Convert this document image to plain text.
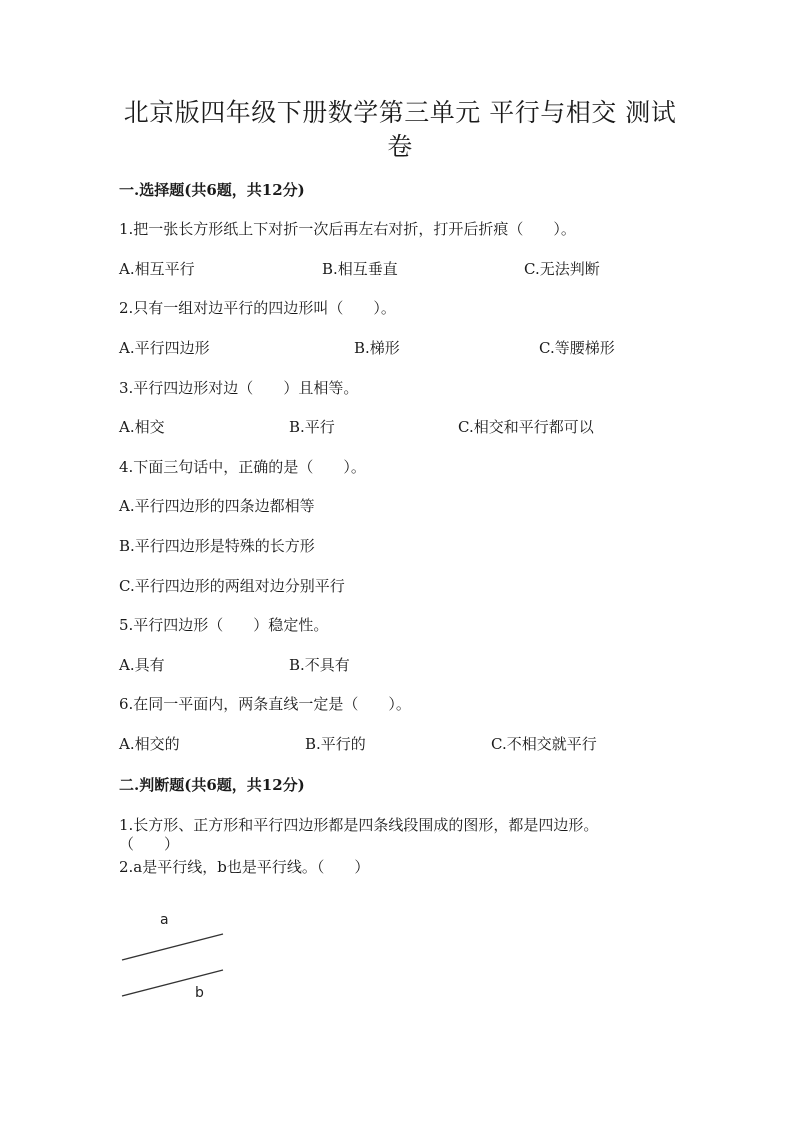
北京版四年级下册数学第三单元 平行与相交 测试
卷
一.选择题(共6题，共12分)
1.把一张长方形纸上下对折一次后再左右对折，打开后折痕（　　）。
A.相互平行	B.相互垂直	C.无法判断
2.只有一组对边平行的四边形叫（　　）。
A.平行四边形	B.梯形	C.等腰梯形
3.平行四边形对边（　　）且相等。
A.相交	B.平行	C.相交和平行都可以
4.下面三句话中，正确的是（　　）。
A.平行四边形的四条边都相等
B.平行四边形是特殊的长方形
C.平行四边形的两组对边分别平行
5.平行四边形（　　）稳定性。
A.具有	B.不具有
6.在同一平面内，两条直线一定是（　　）。
A.相交的	B.平行的	C.不相交就平行
二.判断题(共6题，共12分)
1.长方形、正方形和平行四边形都是四条线段围成的图形，都是四边形。
（　　）
2.a是平行线，b也是平行线。（　　）
a
b
